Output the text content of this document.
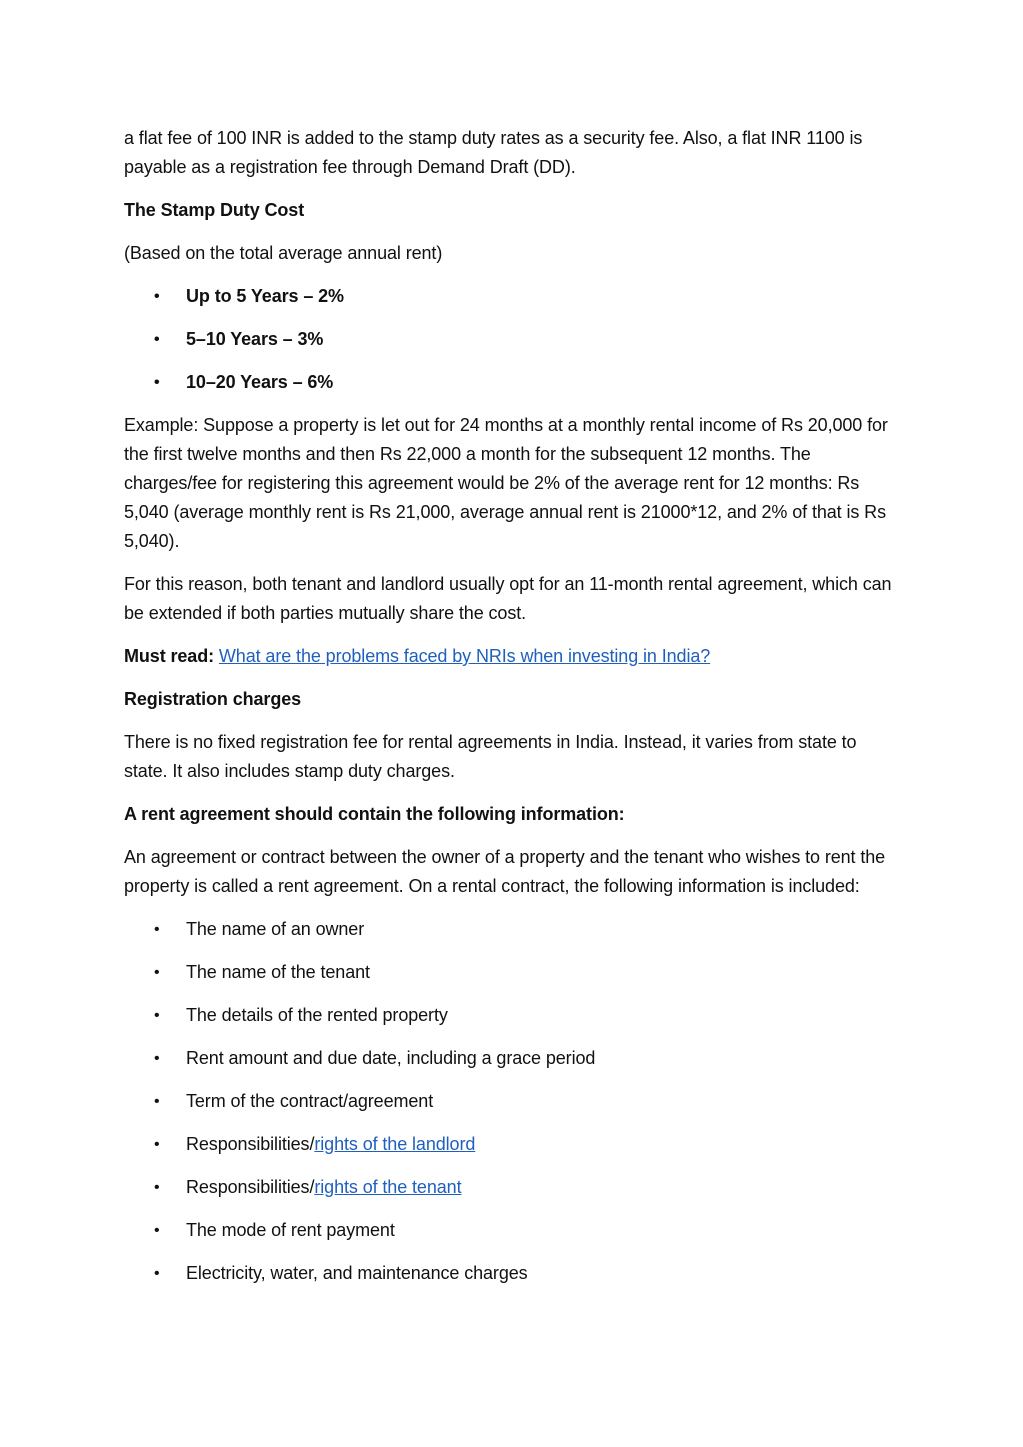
a flat fee of 100 INR is added to the stamp duty rates as a security fee. Also, a flat INR 1100 is payable as a registration fee through Demand Draft (DD).

The Stamp Duty Cost

(Based on the total average annual rent)

• Up to 5 Years – 2%
• 5–10 Years – 3%
• 10–20 Years – 6%

Example: Suppose a property is let out for 24 months at a monthly rental income of Rs 20,000 for the first twelve months and then Rs 22,000 a month for the subsequent 12 months. The charges/fee for registering this agreement would be 2% of the average rent for 12 months: Rs 5,040 (average monthly rent is Rs 21,000, average annual rent is 21000*12, and 2% of that is Rs 5,040).

For this reason, both tenant and landlord usually opt for an 11-month rental agreement, which can be extended if both parties mutually share the cost.

Must read: What are the problems faced by NRIs when investing in India?

Registration charges

There is no fixed registration fee for rental agreements in India. Instead, it varies from state to state. It also includes stamp duty charges.

A rent agreement should contain the following information:

An agreement or contract between the owner of a property and the tenant who wishes to rent the property is called a rent agreement. On a rental contract, the following information is included:

• The name of an owner
• The name of the tenant
• The details of the rented property
• Rent amount and due date, including a grace period
• Term of the contract/agreement
• Responsibilities/rights of the landlord
• Responsibilities/rights of the tenant
• The mode of rent payment
• Electricity, water, and maintenance charges
